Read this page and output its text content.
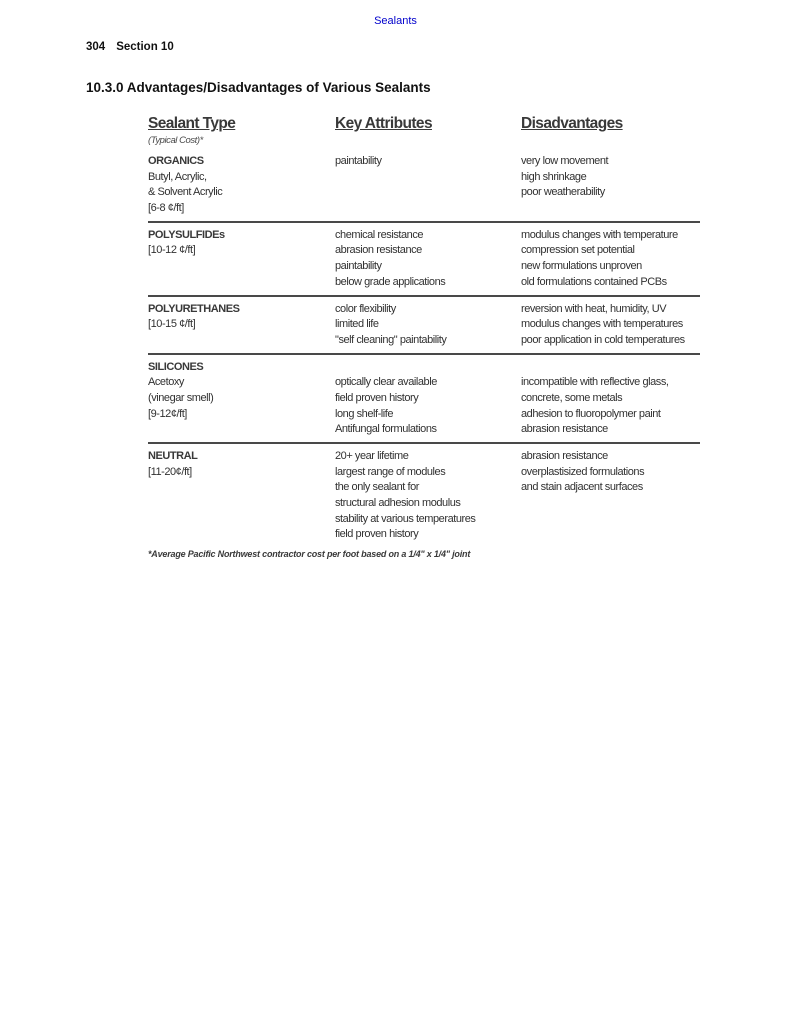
Sealants
304 Section 10
10.3.0 Advantages/Disadvantages of Various Sealants
Sealant Type
(Typical Cost)*
Key Attributes	Disadvantages
ORGANICS
Butyl, Acrylic,
& Solvent Acrylic
[6-8 ¢/ft]
paintability	very low movement
high shrinkage
poor weatherability
POLYSULFIDEs
[10-12 ¢/ft]
chemical resistance
abrasion resistance
paintability
below grade applications
modulus changes with temperature
compression set potential
new formulations unproven
old formulations contained PCBs
POLYURETHANES
[10-15 ¢/ft]
color flexibility
limited life
"self cleaning" paintability
reversion with heat, humidity, UV
modulus changes with temperatures
poor application in cold temperatures
SILICONES
Acetoxy
(vinegar smell)
[9-12¢/ft]
optically clear available
field proven history
long shelf-life
Antifungal formulations
incompatible with reflective glass,
concrete, some metals
adhesion to fluoropolymer paint
abrasion resistance
NEUTRAL
[11-20¢/ft]
20+ year lifetime
largest range of modules
the only sealant for
structural adhesion modulus
stability at various temperatures
field proven history
abrasion resistance
overplastisized formulations
and stain adjacent surfaces
*Average Pacific Northwest contractor cost per foot based on a 1/4" x 1/4" joint
